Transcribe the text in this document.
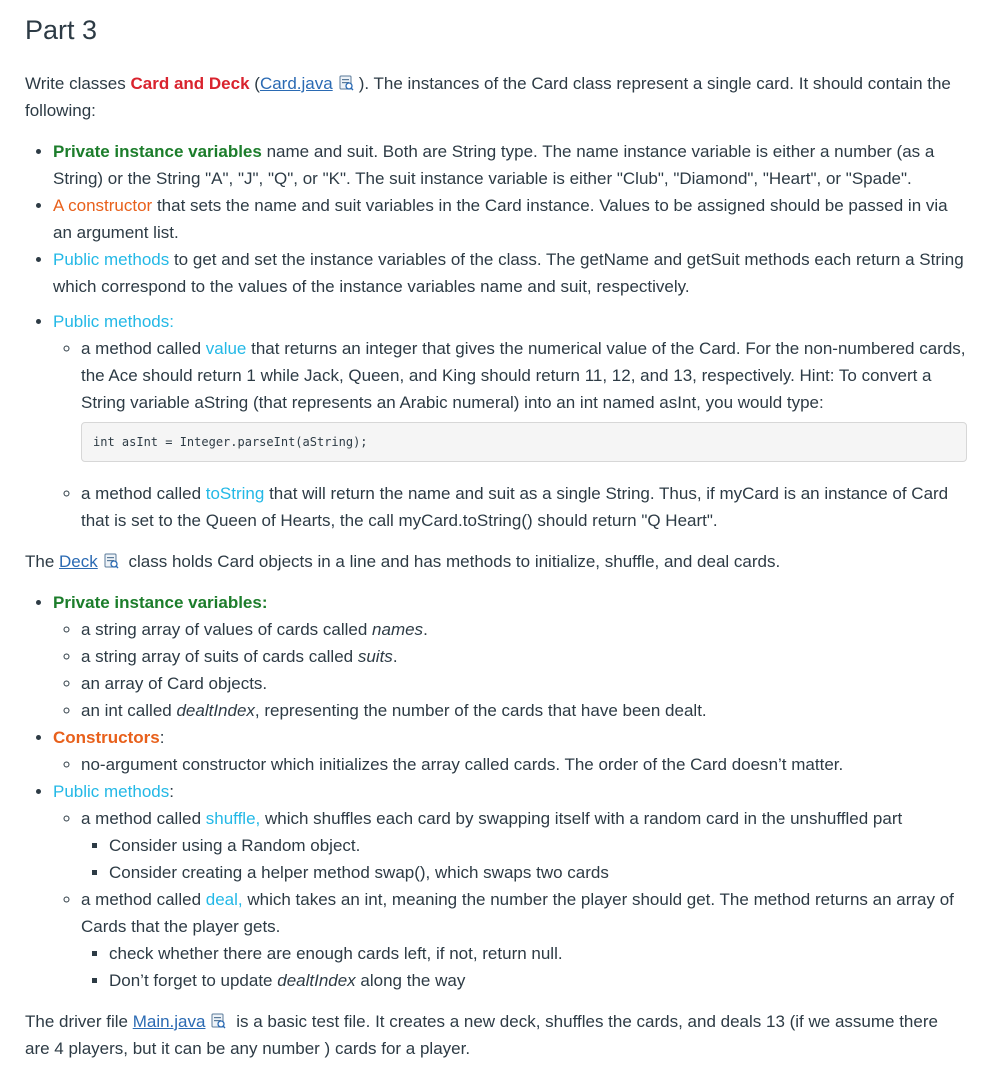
Part 3

Write classes Card and Deck (Card.java ). The instances of the Card class represent a single card. It should contain the following:

• Private instance variables name and suit. Both are String type. The name instance variable is either a number (as a String) or the String "A", "J", "Q", or "K". The suit instance variable is either "Club", "Diamond", "Heart", or "Spade".
• A constructor that sets the name and suit variables in the Card instance. Values to be assigned should be passed in via an argument list.
• Public methods to get and set the instance variables of the class. The getName and getSuit methods each return a String which correspond to the values of the instance variables name and suit, respectively.
• Public methods:
◦ a method called value that returns an integer that gives the numerical value of the Card. For the non-numbered cards, the Ace should return 1 while Jack, Queen, and King should return 11, 12, and 13, respectively. Hint: To convert a String variable aString (that represents an Arabic numeral) into an int named asInt, you would type:
int asInt = Integer.parseInt(aString);
◦ a method called toString that will return the name and suit as a single String. Thus, if myCard is an instance of Card that is set to the Queen of Hearts, the call myCard.toString() should return "Q Heart".

The Deck class holds Card objects in a line and has methods to initialize, shuffle, and deal cards.

• Private instance variables:
◦ a string array of values of cards called names.
◦ a string array of suits of cards called suits.
◦ an array of Card objects.
◦ an int called dealtIndex, representing the number of the cards that have been dealt.
• Constructors:
◦ no-argument constructor which initializes the array called cards. The order of the Card doesn’t matter.
• Public methods:
◦ a method called shuffle, which shuffles each card by swapping itself with a random card in the unshuffled part
▪ Consider using a Random object.
▪ Consider creating a helper method swap(), which swaps two cards
◦ a method called deal, which takes an int, meaning the number the player should get. The method returns an array of Cards that the player gets.
▪ check whether there are enough cards left, if not, return null.
▪ Don’t forget to update dealtIndex along the way

The driver file Main.java is a basic test file. It creates a new deck, shuffles the cards, and deals 13 (if we assume there are 4 players, but it can be any number ) cards for a player.
